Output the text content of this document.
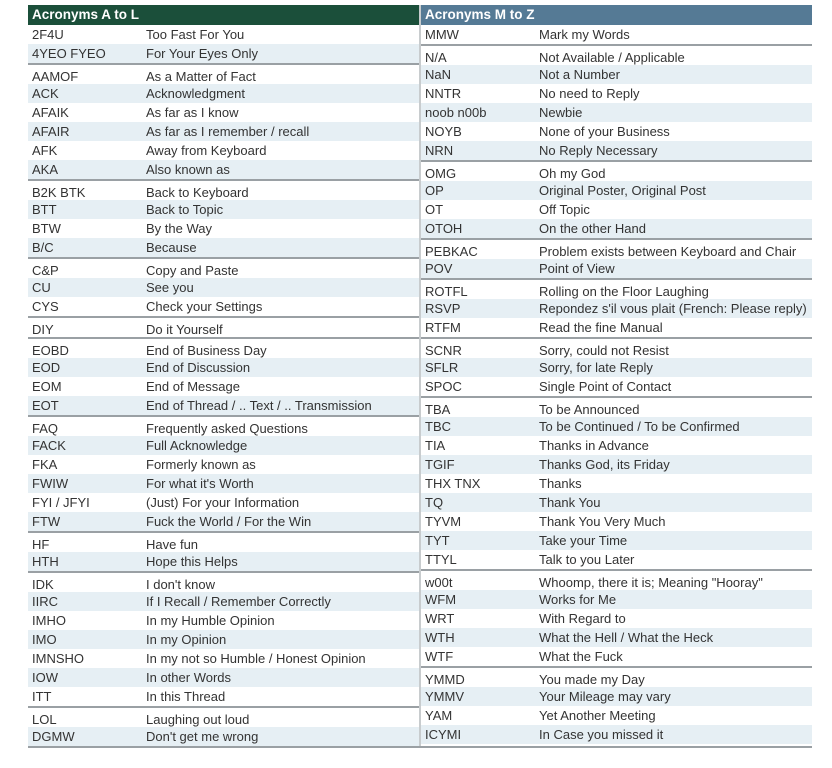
Acronyms A to L
2F4U	Too Fast For You
4YEO FYEO	For Your Eyes Only
AAMOF	As a Matter of Fact
ACK	Acknowledgment
AFAIK	As far as I know
AFAIR	As far as I remember / recall
AFK	Away from Keyboard
AKA	Also known as
B2K BTK	Back to Keyboard
BTT	Back to Topic
BTW	By the Way
B/C	Because
C&P	Copy and Paste
CU	See you
CYS	Check your Settings
DIY	Do it Yourself
EOBD	End of Business Day
EOD	End of Discussion
EOM	End of Message
EOT	End of Thread / .. Text / .. Transmission
FAQ	Frequently asked Questions
FACK	Full Acknowledge
FKA	Formerly known as
FWIW	For what it's Worth
FYI / JFYI	(Just) For your Information
FTW	Fuck the World / For the Win
HF	Have fun
HTH	Hope this Helps
IDK	I don't know
IIRC	If I Recall / Remember Correctly
IMHO	In my Humble Opinion
IMO	In my Opinion
IMNSHO	In my not so Humble / Honest Opinion
IOW	In other Words
ITT	In this Thread
LOL	Laughing out loud
DGMW	Don't get me wrong
Acronyms M to Z
MMW	Mark my Words
N/A	Not Available / Applicable
NaN	Not a Number
NNTR	No need to Reply
noob n00b	Newbie
NOYB	None of your Business
NRN	No Reply Necessary
OMG	Oh my God
OP	Original Poster, Original Post
OT	Off Topic
OTOH	On the other Hand
PEBKAC	Problem exists between Keyboard and Chair
POV	Point of View
ROTFL	Rolling on the Floor Laughing
RSVP	Repondez s'il vous plait (French: Please reply)
RTFM	Read the fine Manual
SCNR	Sorry, could not Resist
SFLR	Sorry, for late Reply
SPOC	Single Point of Contact
TBA	To be Announced
TBC	To be Continued / To be Confirmed
TIA	Thanks in Advance
TGIF	Thanks God, its Friday
THX TNX	Thanks
TQ	Thank You
TYVM	Thank You Very Much
TYT	Take your Time
TTYL	Talk to you Later
w00t	Whoomp, there it is; Meaning "Hooray"
WFM	Works for Me
WRT	With Regard to
WTH	What the Hell / What the Heck
WTF	What the Fuck
YMMD	You made my Day
YMMV	Your Mileage may vary
YAM	Yet Another Meeting
ICYMI	In Case you missed it
